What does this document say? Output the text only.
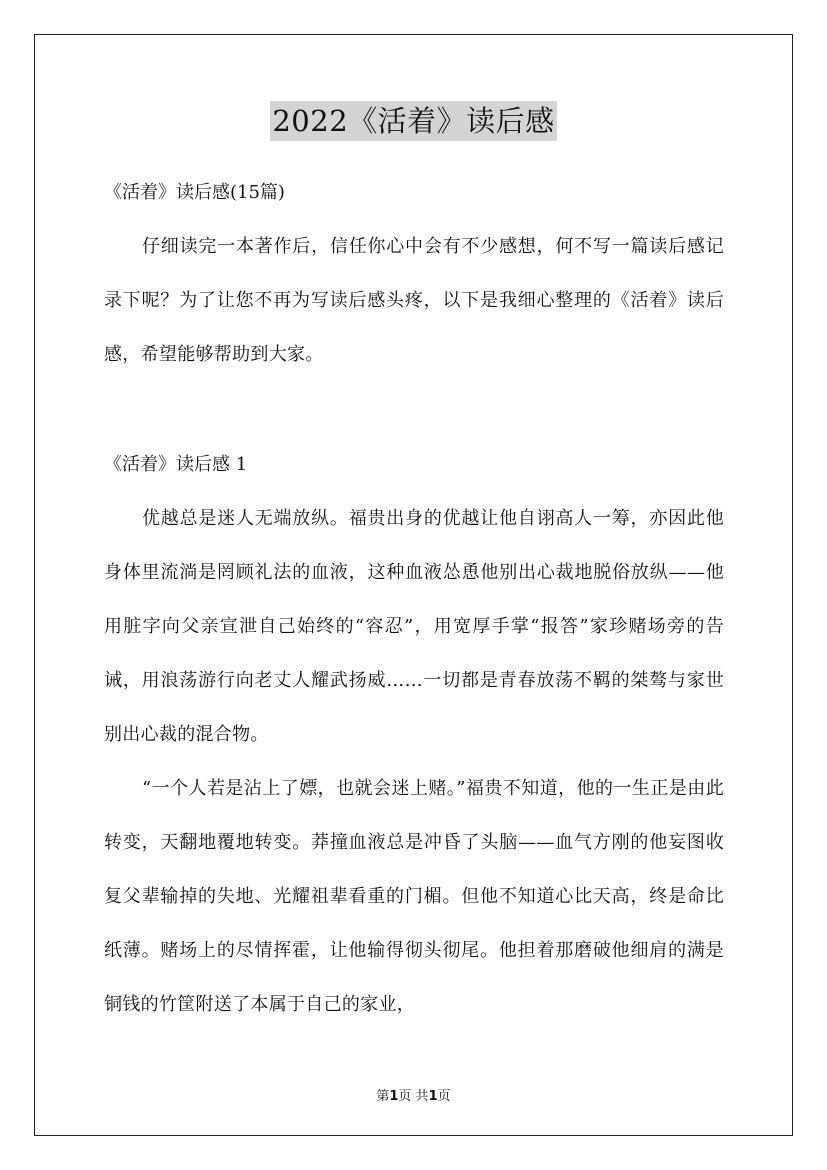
2022《活着》读后感
《活着》读后感(15篇)

仔细读完一本著作后，信任你心中会有不少感想，何不写一篇读后感记录下呢？为了让您不再为写读后感头疼，以下是我细心整理的《活着》读后感，希望能够帮助到大家。

《活着》读后感 1

优越总是迷人无端放纵。福贵出身的优越让他自诩高人一筹，亦因此他身体里流淌是罔顾礼法的血液，这种血液怂恿他别出心裁地脱俗放纵——他用脏字向父亲宣泄自己始终的“容忍”，用宽厚手掌“报答”家珍赌场旁的告诫，用浪荡游行向老丈人耀武扬威……一切都是青春放荡不羁的桀骜与家世别出心裁的混合物。

“一个人若是沾上了嫖，也就会迷上赌。”福贵不知道，他的一生正是由此转变，天翻地覆地转变。莽撞血液总是冲昏了头脑——血气方刚的他妄图收复父辈输掉的失地、光耀祖辈看重的门楣。但他不知道心比天高，终是命比纸薄。赌场上的尽情挥霍，让他输得彻头彻尾。他担着那磨破他细肩的满是铜钱的竹筐附送了本属于自己的家业，

第1页 共1页
